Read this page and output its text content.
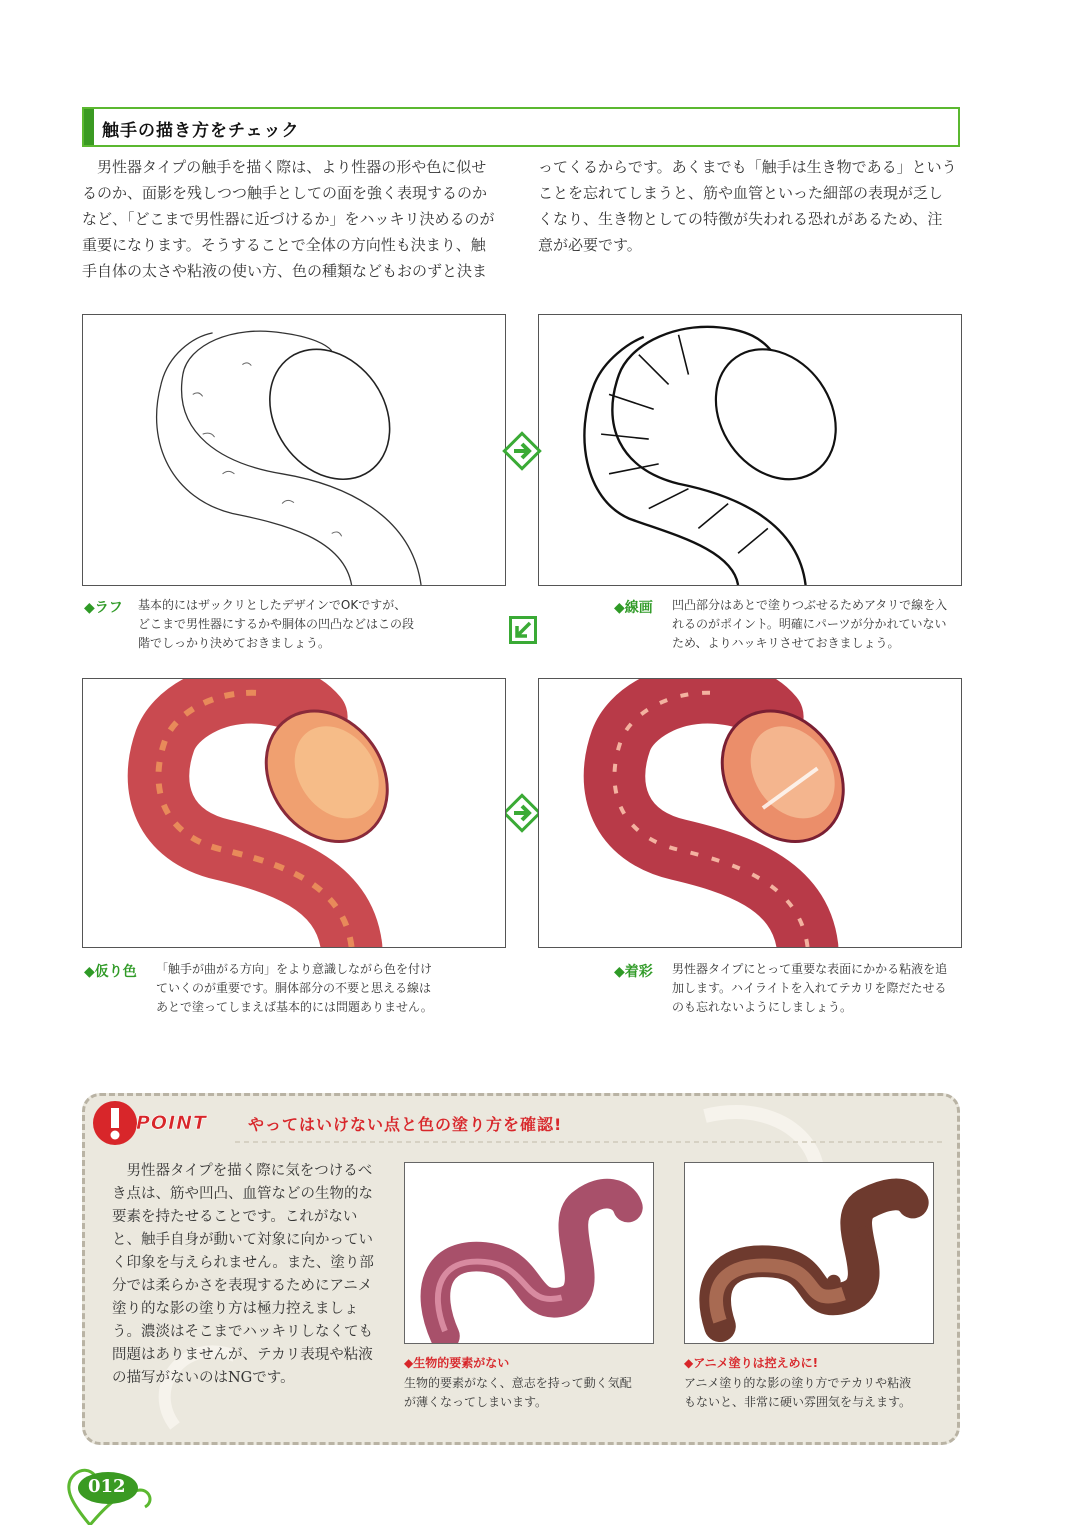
触手の描き方をチェック
　男性器タイプの触手を描く際は、より性器の形や色に似せ
るのか、面影を残しつつ触手としての面を強く表現するのか
など、「どこまで男性器に近づけるか」をハッキリ決めるのが
重要になります。そうすることで全体の方向性も決まり、触
手自体の太さや粘液の使い方、色の種類などもおのずと決ま
ってくるからです。あくまでも「触手は生き物である」という
ことを忘れてしまうと、筋や血管といった細部の表現が乏し
くなり、生き物としての特徴が失われる恐れがあるため、注
意が必要です。
◆ラフ 基本的にはザックリとしたデザインでOKですが、
どこまで男性器にするかや胴体の凹凸などはこの段
階でしっかり決めておきましょう。
◆線画 凹凸部分はあとで塗りつぶせるためアタリで線を入
れるのがポイント。明確にパーツが分かれていない
ため、よりハッキリさせておきましょう。
◆仮り色 「触手が曲がる方向」をより意識しながら色を付け
ていくのが重要です。胴体部分の不要と思える線は
あとで塗ってしまえば基本的には問題ありません。
◆着彩 男性器タイプにとって重要な表面にかかる粘液を追
加します。ハイライトを入れてテカリを際だたせる
のも忘れないようにしましょう。
POINT	やってはいけない点と色の塗り方を確認!
　男性器タイプを描く際に気をつけるべ
き点は、筋や凹凸、血管などの生物的な
要素を持たせることです。これがない
と、触手自身が動いて対象に向かってい
く印象を与えられません。また、塗り部
分では柔らかさを表現するためにアニメ
塗り的な影の塗り方は極力控えましょ
う。濃淡はそこまでハッキリしなくても
問題はありませんが、テカリ表現や粘液
の描写がないのはNGです。
◆生物的要素がない
生物的要素がなく、意志を持って動く気配
が薄くなってしまいます。
◆アニメ塗りは控えめに!
アニメ塗り的な影の塗り方でテカリや粘液
もないと、非常に硬い雰囲気を与えます。
012
